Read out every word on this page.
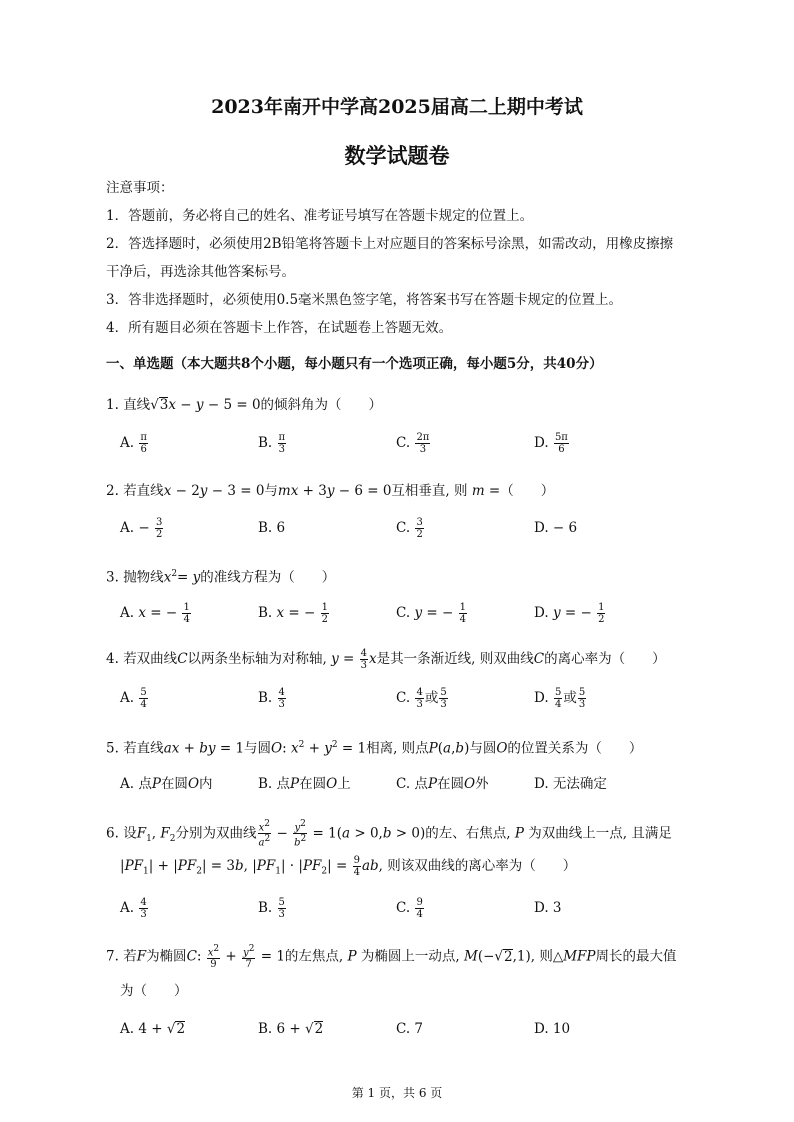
2023年南开中学高2025届高二上期中考试
数学试题卷
注意事项：
1．答题前，务必将自己的姓名、准考证号填写在答题卡规定的位置上。
2．答选择题时，必须使用2B铅笔将答题卡上对应题目的答案标号涂黑，如需改动，用橡皮擦擦
干净后，再选涂其他答案标号。
3．答非选择题时，必须使用0.5毫米黑色签字笔，将答案书写在答题卡规定的位置上。
4．所有题目必须在答题卡上作答，在试题卷上答题无效。
一、单选题（本大题共8个小题，每小题只有一个选项正确，每小题5分，共40分）
1. 直线√3x − y − 5 = 0的倾斜角为（　　）
A. $\frac{\pi}{6}$	B. $\frac{\pi}{3}$	C. $\frac{2\pi}{3}$	D. $\frac{5\pi}{6}$
2. 若直线x − 2y − 3 = 0与mx + 3y − 6 = 0互相垂直, 则 m =（　　）
A. − $\frac{3}{2}$	B. 6	C. $\frac{3}{2}$	D. − 6
3. 抛物线$x^2= y$的准线方程为（　　）
A. x = − $\frac{1}{4}$	B. x = − $\frac{1}{2}$	C. y = − $\frac{1}{4}$	D. y = − $\frac{1}{2}$
4. 若双曲线C以两条坐标轴为对称轴, $y = \frac{4}{3}$ x是其一条渐近线, 则双曲线C的离心率为（　　）
A. $\frac{5}{4}$	B. $\frac{4}{3}$	C. $\frac{4}{3}$ 或 $\frac{5}{3}$	D. $\frac{5}{4}$ 或 $\frac{5}{3}$
5. 若直线ax + by = 1与圆O: $x^2 + y^2 = 1$相离, 则点P(a,b)与圆O的位置关系为（　　）
A. 点P在圆O内	B. 点P在圆O上	C. 点P在圆O外	D. 无法确定
6. 设$F_1$, $F_2$分别为双曲线 $\frac{x^2}{a^2} - \frac{y^2}{b^2} = 1(a > 0,b > 0)$的左、右焦点, P 为双曲线上一点, 且满足
$|PF_1| + |PF_2| = 3b$, $|PF_1| \cdot |PF_2| = \frac{9}{4}$ ab, 则该双曲线的离心率为（　　）
A. $\frac{4}{3}$	B. $\frac{5}{3}$	C. $\frac{9}{4}$	D. 3
7. 若F为椭圆C: $\frac{x^2}{9} + \frac{y^2}{7} = 1$的左焦点, P 为椭圆上一动点, M(−√2,1), 则△MFP周长的最大值
为（　　）
A. 4 + √2	B. 6 + √2	C. 7	D. 10
第 1 页，共 6 页
